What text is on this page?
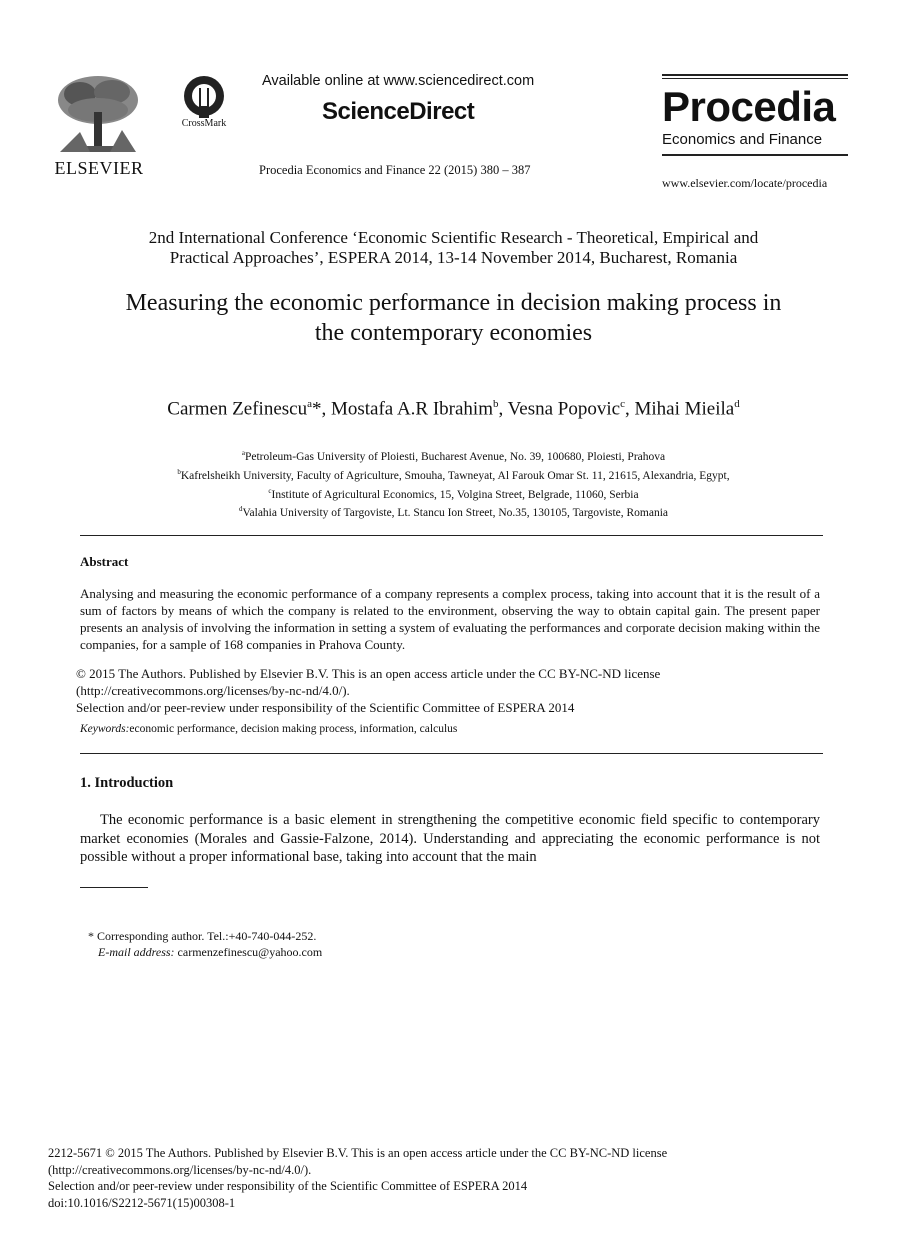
ELSEVIER
CrossMark
Available online at www.sciencedirect.com
ScienceDirect
Procedia Economics and Finance 22 (2015) 380 – 387
Procedia
Economics and Finance
www.elsevier.com/locate/procedia
2nd International Conference ‘Economic Scientific Research - Theoretical, Empirical and
Practical Approaches’, ESPERA 2014, 13-14 November 2014, Bucharest, Romania
Measuring the economic performance in decision making process in
the contemporary economies
Carmen Zefinescu$^a$*, Mostafa A.R Ibrahim$^b$, Vesna Popovic$^c$, Mihai Mieila$^d$
$^a$Petroleum-Gas University of Ploiesti, Bucharest Avenue, No. 39, 100680, Ploiesti, Prahova
$^b$Kafrelsheikh University, Faculty of Agriculture, Smouha, Tawneyat, Al Farouk Omar St. 11, 21615, Alexandria, Egypt,
$^c$Institute of Agricultural Economics, 15, Volgina Street, Belgrade, 11060, Serbia
$^d$Valahia University of Targoviste, Lt. Stancu Ion Street, No.35, 130105, Targoviste, Romania
Abstract
Analysing and measuring the economic performance of a company represents a complex process, taking into account that it is the result of a sum of factors by means of which the company is related to the environment, observing the way to obtain capital gain. The present paper presents an analysis of involving the information in setting a system of evaluating the performances and corporate decision making within the companies, for a sample of 168 companies in Prahova County.
© 2015 The Authors. Published by Elsevier B.V. This is an open access article under the CC BY-NC-ND license
(http://creativecommons.org/licenses/by-nc-nd/4.0/).
Selection and/or peer-review under responsibility of the Scientific Committee of ESPERA 2014
Keywords:economic performance, decision making process, information, calculus
1. Introduction
The economic performance is a basic element in strengthening the competitive economic field specific to contemporary market economies (Morales and Gassie-Falzone, 2014). Understanding and appreciating the economic performance is not possible without a proper informational base, taking into account that the main
* Corresponding author. Tel.:+40-740-044-252.
E-mail address: carmenzefinescu@yahoo.com
2212-5671 © 2015 The Authors. Published by Elsevier B.V. This is an open access article under the CC BY-NC-ND license
(http://creativecommons.org/licenses/by-nc-nd/4.0/).
Selection and/or peer-review under responsibility of the Scientific Committee of ESPERA 2014
doi:10.1016/S2212-5671(15)00308-1
